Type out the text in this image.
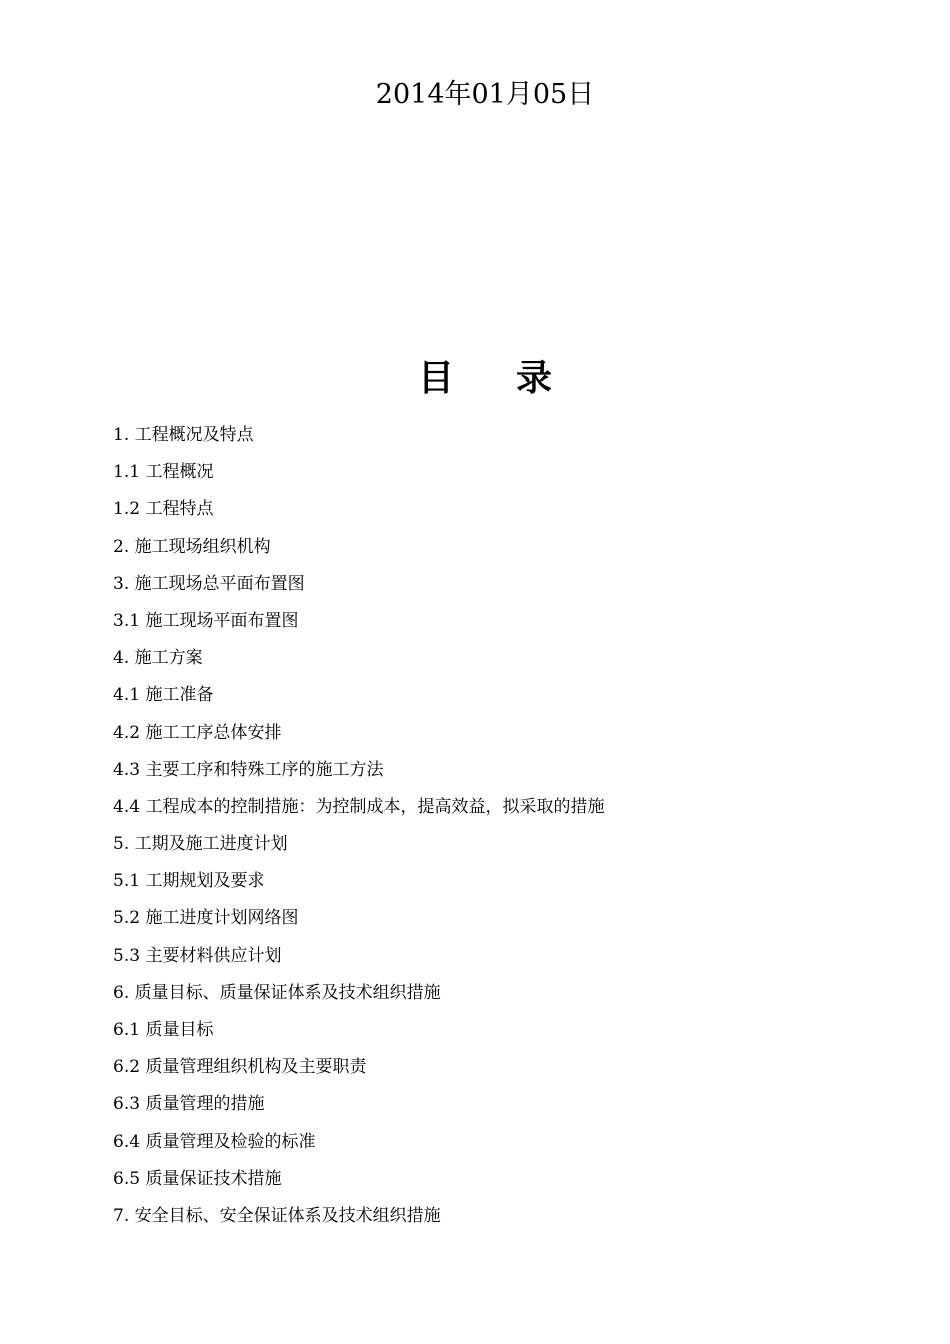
2014年01月05日
目 录
1. 工程概况及特点
1.1 工程概况
1.2 工程特点
2. 施工现场组织机构
3. 施工现场总平面布置图
3.1 施工现场平面布置图
4. 施工方案
4.1 施工准备
4.2 施工工序总体安排
4.3 主要工序和特殊工序的施工方法
4.4 工程成本的控制措施：为控制成本，提高效益，拟采取的措施
5. 工期及施工进度计划
5.1 工期规划及要求
5.2 施工进度计划网络图
5.3 主要材料供应计划
6. 质量目标、质量保证体系及技术组织措施
6.1 质量目标
6.2 质量管理组织机构及主要职责
6.3 质量管理的措施
6.4 质量管理及检验的标准
6.5 质量保证技术措施
7. 安全目标、安全保证体系及技术组织措施
